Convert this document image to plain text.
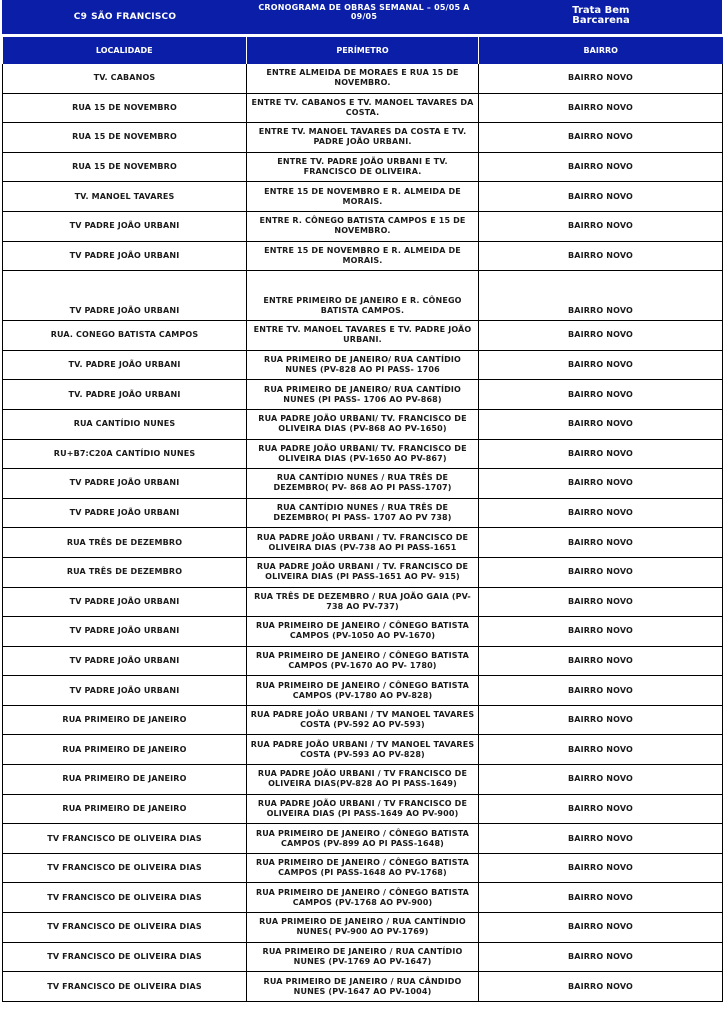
C9 SÃO FRANCISCO
CRONOGRAMA DE OBRAS SEMANAL – 05/05 A 09/05
Trata Bem
Barcarena
LOCALIDADE	PERÍMETRO	BAIRRO
TV. CABANOS	ENTRE ALMEIDA DE MORAES E RUA 15 DE NOVEMBRO.	BAIRRO NOVO
RUA 15 DE NOVEMBRO	ENTRE TV. CABANOS E TV. MANOEL TAVARES DA COSTA.	BAIRRO NOVO
RUA 15 DE NOVEMBRO	ENTRE TV. MANOEL TAVARES DA COSTA E TV. PADRE JOÃO URBANI.	BAIRRO NOVO
RUA 15 DE NOVEMBRO	ENTRE TV. PADRE JOÃO URBANI E TV. FRANCISCO DE OLIVEIRA.	BAIRRO NOVO
TV. MANOEL TAVARES	ENTRE 15 DE NOVEMBRO E R. ALMEIDA DE MORAIS.	BAIRRO NOVO
TV PADRE JOÃO URBANI	ENTRE R. CÔNEGO BATISTA CAMPOS E 15 DE NOVEMBRO.	BAIRRO NOVO
TV PADRE JOÃO URBANI	ENTRE 15 DE NOVEMBRO E R. ALMEIDA DE MORAIS.	BAIRRO NOVO
TV PADRE JOÃO URBANI	ENTRE PRIMEIRO DE JANEIRO E R. CÔNEGO BATISTA CAMPOS.	BAIRRO NOVO
RUA. CONEGO BATISTA CAMPOS	ENTRE TV. MANOEL TAVARES E TV. PADRE JOÃO URBANI.	BAIRRO NOVO
TV. PADRE JOÃO URBANI	RUA PRIMEIRO DE JANEIRO/ RUA CANTÍDIO NUNES (PV-828 AO PI PASS- 1706	BAIRRO NOVO
TV. PADRE JOÃO URBANI	RUA PRIMEIRO DE JANEIRO/ RUA CANTÍDIO NUNES (PI PASS- 1706 AO PV-868)	BAIRRO NOVO
RUA CANTÍDIO NUNES	RUA PADRE JOÃO URBANI/ TV. FRANCISCO DE OLIVEIRA DIAS (PV-868 AO PV-1650)	BAIRRO NOVO
RU+B7:C20A CANTÍDIO NUNES	RUA PADRE JOÃO URBANI/ TV. FRANCISCO DE OLIVEIRA DIAS (PV-1650 AO PV-867)	BAIRRO NOVO
TV PADRE JOÃO URBANI	RUA CANTÍDIO NUNES / RUA TRÊS DE DEZEMBRO( PV- 868 AO PI PASS-1707)	BAIRRO NOVO
TV PADRE JOÃO URBANI	RUA CANTÍDIO NUNES / RUA TRÊS DE DEZEMBRO( PI PASS- 1707 AO PV 738)	BAIRRO NOVO
RUA TRÊS DE DEZEMBRO	RUA PADRE JOÃO URBANI / TV. FRANCISCO DE OLIVEIRA DIAS (PV-738 AO PI PASS-1651	BAIRRO NOVO
RUA TRÊS DE DEZEMBRO	RUA PADRE JOÃO URBANI / TV. FRANCISCO DE OLIVEIRA DIAS (PI PASS-1651 AO PV- 915)	BAIRRO NOVO
TV PADRE JOÃO URBANI	RUA TRÊS DE DEZEMBRO / RUA JOÃO GAIA (PV- 738 AO PV-737)	BAIRRO NOVO
TV PADRE JOÃO URBANI	RUA PRIMEIRO DE JANEIRO / CÔNEGO BATISTA CAMPOS (PV-1050 AO PV-1670)	BAIRRO NOVO
TV PADRE JOÃO URBANI	RUA PRIMEIRO DE JANEIRO / CÔNEGO BATISTA CAMPOS (PV-1670 AO PV- 1780)	BAIRRO NOVO
TV PADRE JOÃO URBANI	RUA PRIMEIRO DE JANEIRO / CÔNEGO BATISTA CAMPOS (PV-1780 AO PV-828)	BAIRRO NOVO
RUA PRIMEIRO DE JANEIRO	RUA PADRE JOÃO URBANI / TV MANOEL TAVARES COSTA (PV-592 AO PV-593)	BAIRRO NOVO
RUA PRIMEIRO DE JANEIRO	RUA PADRE JOÃO URBANI / TV MANOEL TAVARES COSTA (PV-593 AO PV-828)	BAIRRO NOVO
RUA PRIMEIRO DE JANEIRO	RUA PADRE JOÃO URBANI / TV FRANCISCO DE OLIVEIRA DIAS(PV-828 AO PI PASS-1649)	BAIRRO NOVO
RUA PRIMEIRO DE JANEIRO	RUA PADRE JOÃO URBANI / TV FRANCISCO DE OLIVEIRA DIAS (PI PASS-1649 AO PV-900)	BAIRRO NOVO
TV FRANCISCO DE OLIVEIRA DIAS	RUA PRIMEIRO DE JANEIRO / CÔNEGO BATISTA CAMPOS (PV-899 AO PI PASS-1648)	BAIRRO NOVO
TV FRANCISCO DE OLIVEIRA DIAS	RUA PRIMEIRO DE JANEIRO / CÔNEGO BATISTA CAMPOS (PI PASS-1648 AO PV-1768)	BAIRRO NOVO
TV FRANCISCO DE OLIVEIRA DIAS	RUA PRIMEIRO DE JANEIRO / CÔNEGO BATISTA CAMPOS (PV-1768 AO PV-900)	BAIRRO NOVO
TV FRANCISCO DE OLIVEIRA DIAS	RUA PRIMEIRO DE JANEIRO / RUA CANTÍNDIO NUNES( PV-900 AO PV-1769)	BAIRRO NOVO
TV FRANCISCO DE OLIVEIRA DIAS	RUA PRIMEIRO DE JANEIRO / RUA CANTÍDIO NUNES (PV-1769 AO PV-1647)	BAIRRO NOVO
TV FRANCISCO DE OLIVEIRA DIAS	RUA PRIMEIRO DE JANEIRO / RUA CÂNDIDO NUNES (PV-1647 AO PV-1004)	BAIRRO NOVO
